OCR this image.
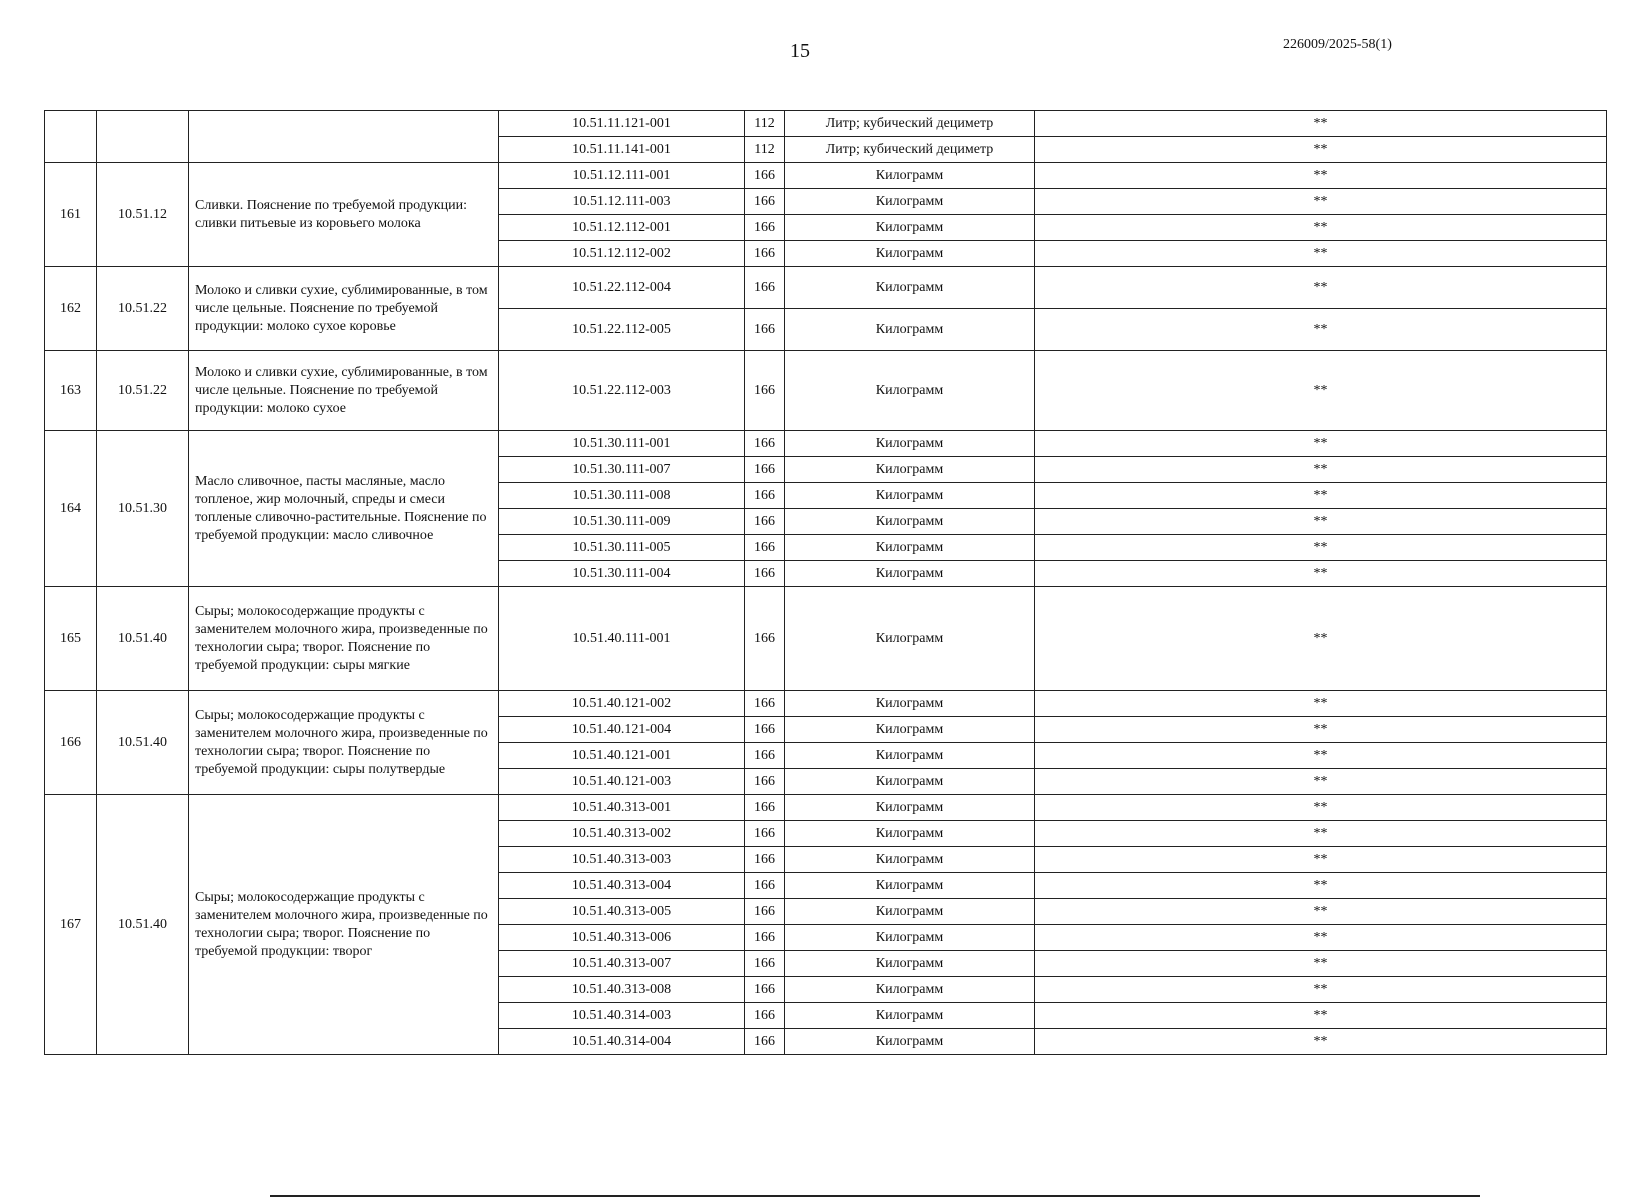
15	226009/2025-58(1)
			10.51.11.121-001	112	Литр; кубический дециметр	**
			10.51.11.141-001	112	Литр; кубический дециметр	**
161	10.51.12	Сливки. Пояснение по требуемой продукции: сливки питьевые из коровьего молока	10.51.12.111-001	166	Килограмм	**
			10.51.12.111-003	166	Килограмм	**
			10.51.12.112-001	166	Килограмм	**
			10.51.12.112-002	166	Килограмм	**
162	10.51.22	Молоко и сливки сухие, сублимированные, в том числе цельные. Пояснение по требуемой продукции: молоко сухое коровье	10.51.22.112-004	166	Килограмм	**
			10.51.22.112-005	166	Килограмм	**
163	10.51.22	Молоко и сливки сухие, сублимированные, в том числе цельные. Пояснение по требуемой продукции: молоко сухое	10.51.22.112-003	166	Килограмм	**
164	10.51.30	Масло сливочное, пасты масляные, масло топленое, жир молочный, спреды и смеси топленые сливочно-растительные. Пояснение по требуемой продукции: масло сливочное	10.51.30.111-001	166	Килограмм	**
			10.51.30.111-007	166	Килограмм	**
			10.51.30.111-008	166	Килограмм	**
			10.51.30.111-009	166	Килограмм	**
			10.51.30.111-005	166	Килограмм	**
			10.51.30.111-004	166	Килограмм	**
165	10.51.40	Сыры; молокосодержащие продукты с заменителем молочного жира, произведенные по технологии сыра; творог. Пояснение по требуемой продукции: сыры мягкие	10.51.40.111-001	166	Килограмм	**
166	10.51.40	Сыры; молокосодержащие продукты с заменителем молочного жира, произведенные по технологии сыра; творог. Пояснение по требуемой продукции: сыры полутвердые	10.51.40.121-002	166	Килограмм	**
			10.51.40.121-004	166	Килограмм	**
			10.51.40.121-001	166	Килограмм	**
			10.51.40.121-003	166	Килограмм	**
167	10.51.40	Сыры; молокосодержащие продукты с заменителем молочного жира, произведенные по технологии сыра; творог. Пояснение по требуемой продукции: творог	10.51.40.313-001	166	Килограмм	**
			10.51.40.313-002	166	Килограмм	**
			10.51.40.313-003	166	Килограмм	**
			10.51.40.313-004	166	Килограмм	**
			10.51.40.313-005	166	Килограмм	**
			10.51.40.313-006	166	Килограмм	**
			10.51.40.313-007	166	Килограмм	**
			10.51.40.313-008	166	Килограмм	**
			10.51.40.314-003	166	Килограмм	**
			10.51.40.314-004	166	Килограмм	**
